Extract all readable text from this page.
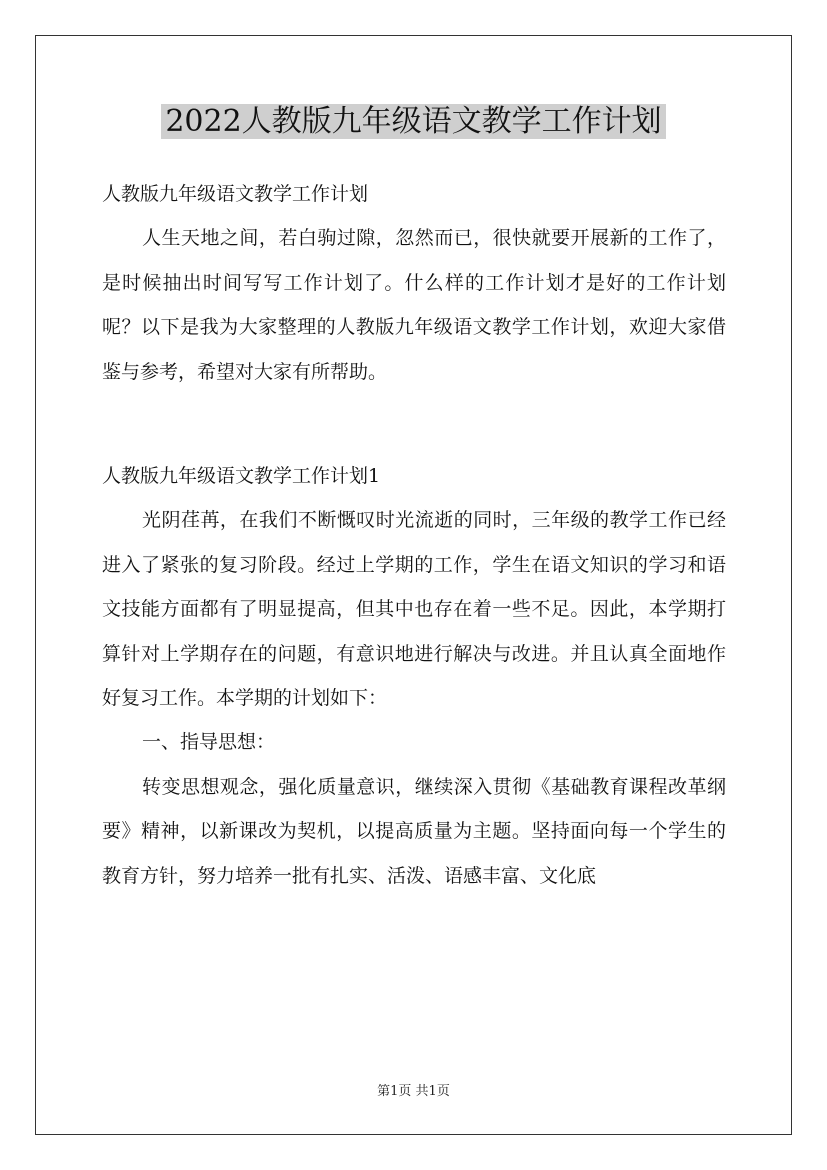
2022人教版九年级语文教学工作计划

人教版九年级语文教学工作计划

人生天地之间，若白驹过隙，忽然而已，很快就要开展新的工作了，是时候抽出时间写写工作计划了。什么样的工作计划才是好的工作计划呢？以下是我为大家整理的人教版九年级语文教学工作计划，欢迎大家借鉴与参考，希望对大家有所帮助。

人教版九年级语文教学工作计划1

光阴荏苒，在我们不断慨叹时光流逝的同时，三年级的教学工作已经进入了紧张的复习阶段。经过上学期的工作，学生在语文知识的学习和语文技能方面都有了明显提高，但其中也存在着一些不足。因此，本学期打算针对上学期存在的问题，有意识地进行解决与改进。并且认真全面地作好复习工作。本学期的计划如下：

一、指导思想：

转变思想观念，强化质量意识，继续深入贯彻《基础教育课程改革纲要》精神，以新课改为契机，以提高质量为主题。坚持面向每一个学生的教育方针，努力培养一批有扎实、活泼、语感丰富、文化底

第1页 共1页
